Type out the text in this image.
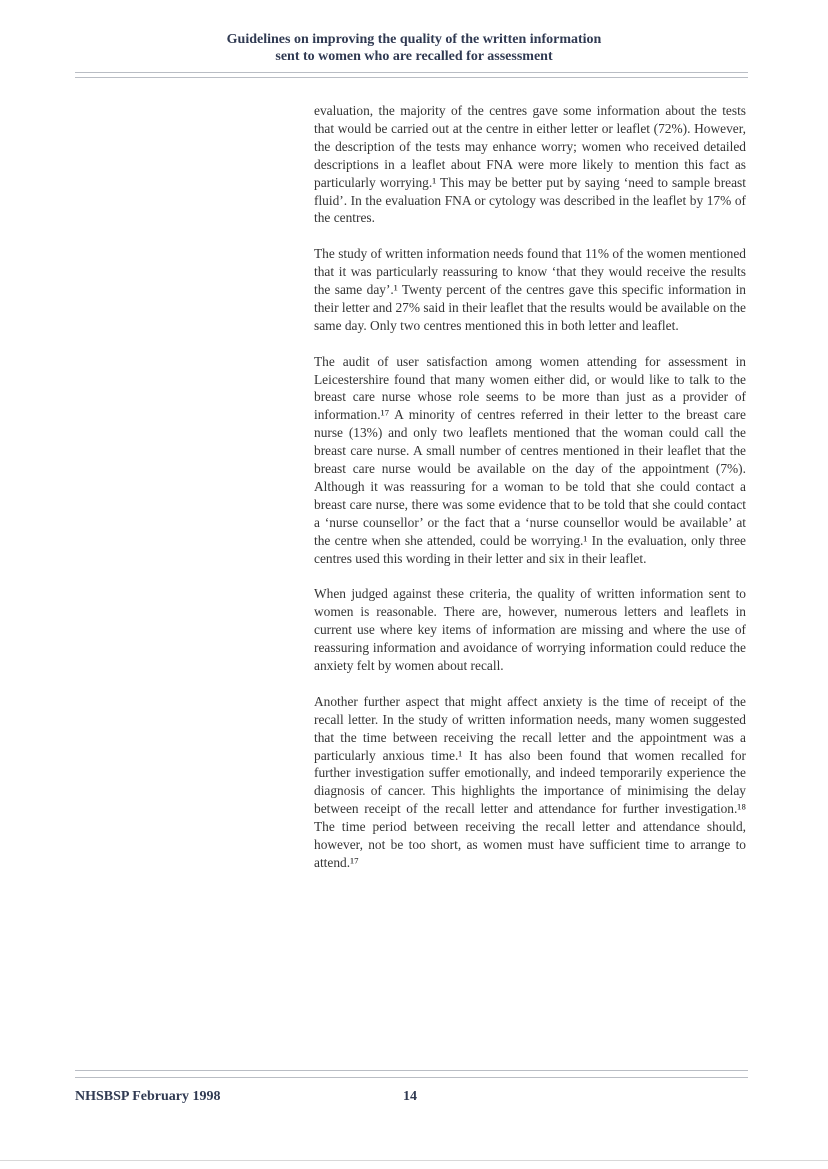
Guidelines on improving the quality of the written information
sent to women who are recalled for assessment

evaluation, the majority of the centres gave some information about the tests that would be carried out at the centre in either letter or leaflet (72%). However, the description of the tests may enhance worry; women who received detailed descriptions in a leaflet about FNA were more likely to mention this fact as particularly worrying.¹ This may be better put by saying ‘need to sample breast fluid’. In the evaluation FNA or cytology was described in the leaflet by 17% of the centres.

The study of written information needs found that 11% of the women mentioned that it was particularly reassuring to know ‘that they would receive the results the same day’.¹ Twenty percent of the centres gave this specific information in their letter and 27% said in their leaflet that the results would be available on the same day. Only two centres mentioned this in both letter and leaflet.

The audit of user satisfaction among women attending for assessment in Leicestershire found that many women either did, or would like to talk to the breast care nurse whose role seems to be more than just as a provider of information.¹⁷ A minority of centres referred in their letter to the breast care nurse (13%) and only two leaflets mentioned that the woman could call the breast care nurse. A small number of centres mentioned in their leaflet that the breast care nurse would be available on the day of the appointment (7%). Although it was reassuring for a woman to be told that she could contact a breast care nurse, there was some evidence that to be told that she could contact a ‘nurse counsellor’ or the fact that a ‘nurse counsellor would be available’ at the centre when she attended, could be worrying.¹ In the evaluation, only three centres used this wording in their letter and six in their leaflet.

When judged against these criteria, the quality of written information sent to women is reasonable. There are, however, numerous letters and leaflets in current use where key items of information are missing and where the use of reassuring information and avoidance of worrying information could reduce the anxiety felt by women about recall.

Another further aspect that might affect anxiety is the time of receipt of the recall letter. In the study of written information needs, many women suggested that the time between receiving the recall letter and the appointment was a particularly anxious time.¹ It has also been found that women recalled for further investigation suffer emotionally, and indeed temporarily experience the diagnosis of cancer. This highlights the importance of minimising the delay between receipt of the recall letter and attendance for further investigation.¹⁸ The time period between receiving the recall letter and attendance should, however, not be too short, as women must have sufficient time to arrange to attend.¹⁷

NHSBSP February 1998	14
